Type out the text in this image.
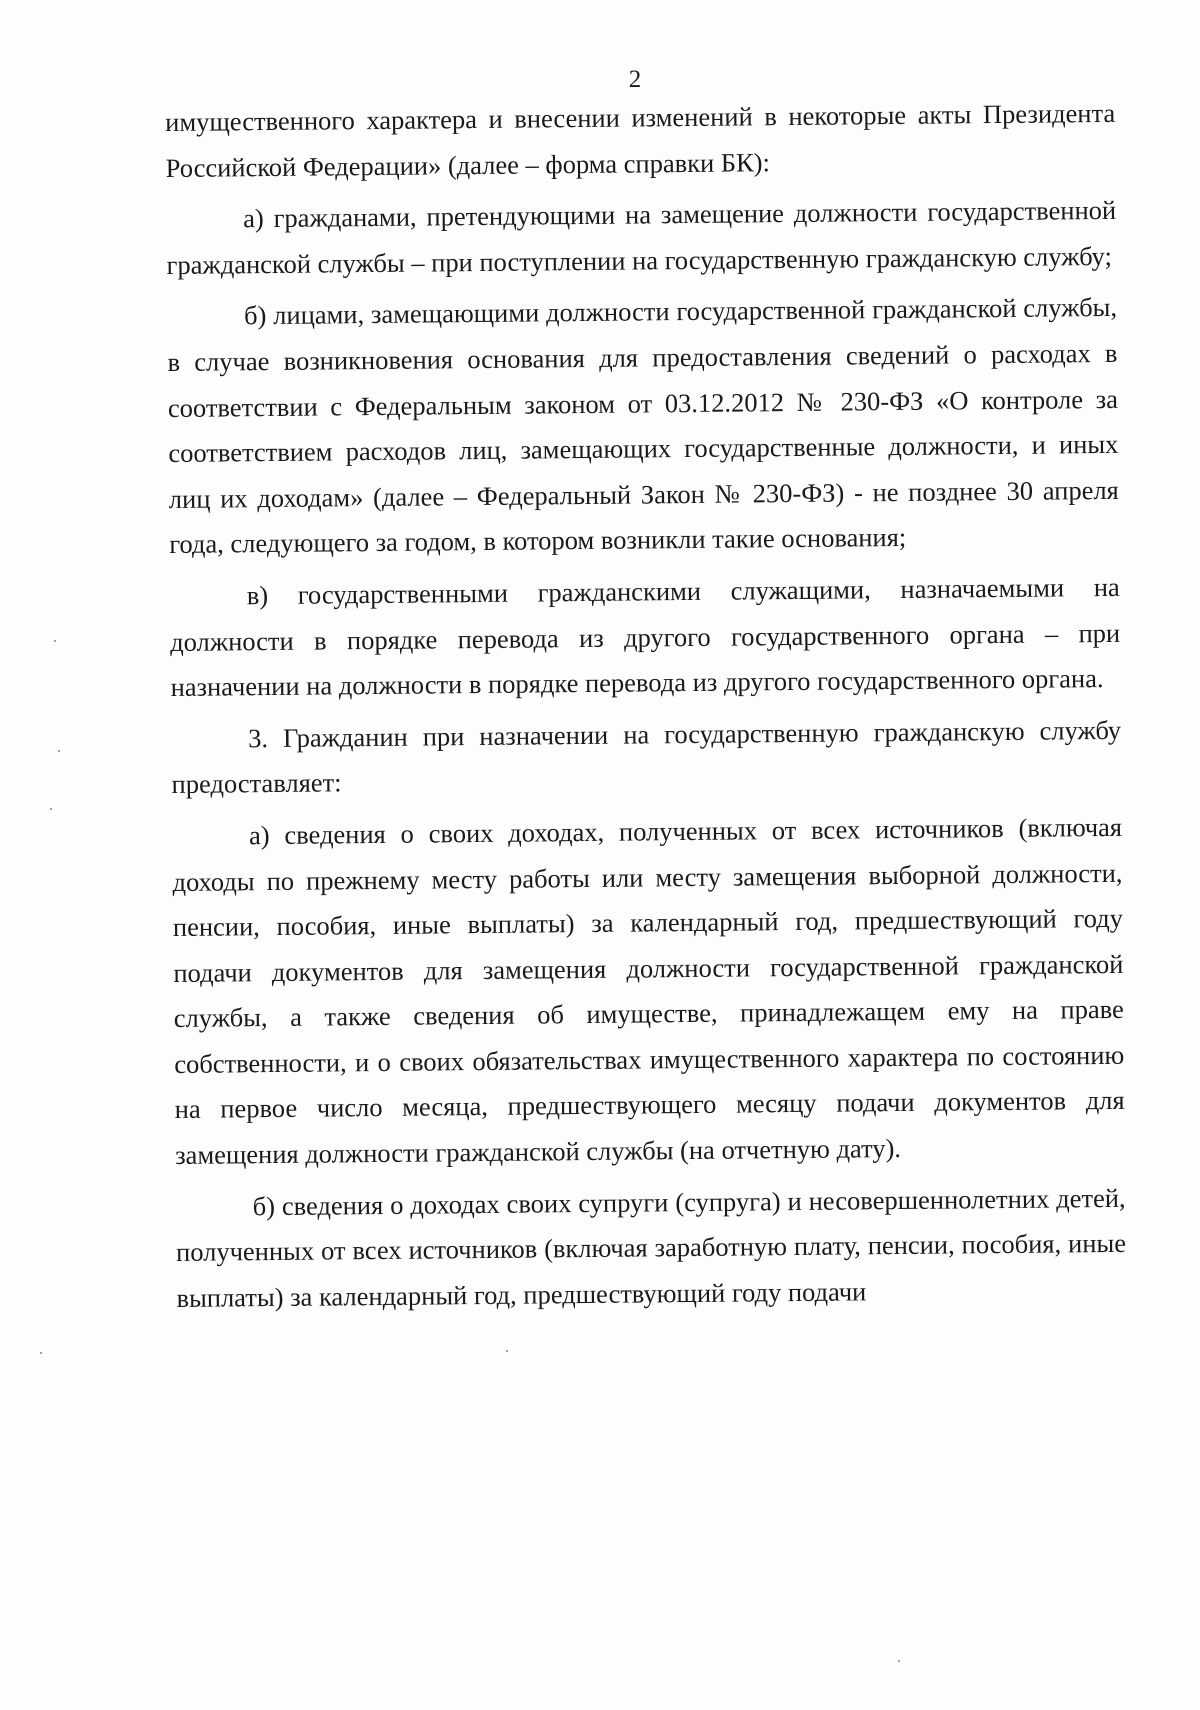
2

имущественного характера и внесении изменений в некоторые акты Президента Российской Федерации» (далее – форма справки БК):

а) гражданами, претендующими на замещение должности государственной гражданской службы – при поступлении на государственную гражданскую службу;

б) лицами, замещающими должности государственной гражданской службы, в случае возникновения основания для предоставления сведений о расходах в соответствии с Федеральным законом от 03.12.2012 № 230-ФЗ «О контроле за соответствием расходов лиц, замещающих государственные должности, и иных лиц их доходам» (далее – Федеральный Закон № 230-ФЗ) - не позднее 30 апреля года, следующего за годом, в котором возникли такие основания;

в) государственными гражданскими служащими, назначаемыми на должности в порядке перевода из другого государственного органа – при назначении на должности в порядке перевода из другого государственного органа.

3. Гражданин при назначении на государственную гражданскую службу предоставляет:

а) сведения о своих доходах, полученных от всех источников (включая доходы по прежнему месту работы или месту замещения выборной должности, пенсии, пособия, иные выплаты) за календарный год, предшествующий году подачи документов для замещения должности государственной гражданской службы, а также сведения об имуществе, принадлежащем ему на праве собственности, и о своих обязательствах имущественного характера по состоянию на первое число месяца, предшествующего месяцу подачи документов для замещения должности гражданской службы (на отчетную дату).

б) сведения о доходах своих супруги (супруга) и несовершеннолетних детей, полученных от всех источников (включая заработную плату, пенсии, пособия, иные выплаты) за календарный год, предшествующий году подачи
